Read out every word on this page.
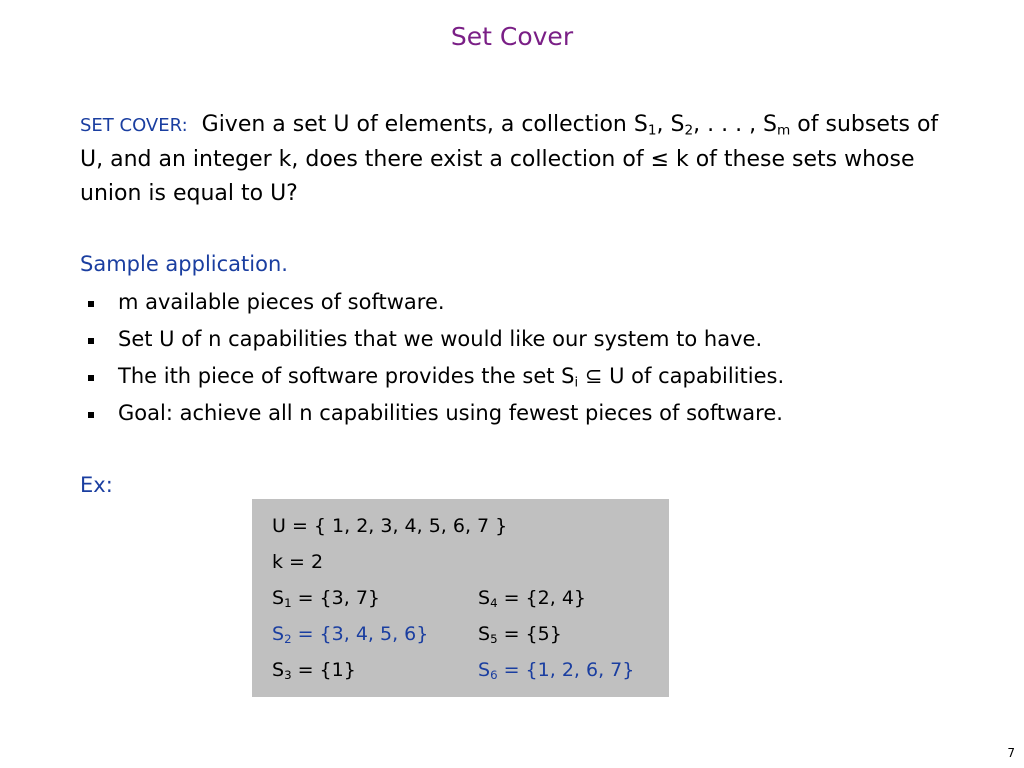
Set Cover
SET COVER: Given a set U of elements, a collection $S_1$, $S_2$, . . . , $S_m$ of subsets of U, and an integer k, does there exist a collection of ≤ k of these sets whose union is equal to U?
Sample application.
m available pieces of software.
Set U of n capabilities that we would like our system to have.
The ith piece of software provides the set $S_i$ ⊆ U of capabilities.
Goal: achieve all n capabilities using fewest pieces of software.
Ex:
U = { 1, 2, 3, 4, 5, 6, 7 }
k = 2
$S_1 = \{3$, 7}
$S_2 = \{3$, 4, 5, 6}
$S_3 = \{1\}$
$S_4 = \{2$, 4}
$S_5 = \{5\}$
$S_6 = \{1$, 2, 6, 7}
7
